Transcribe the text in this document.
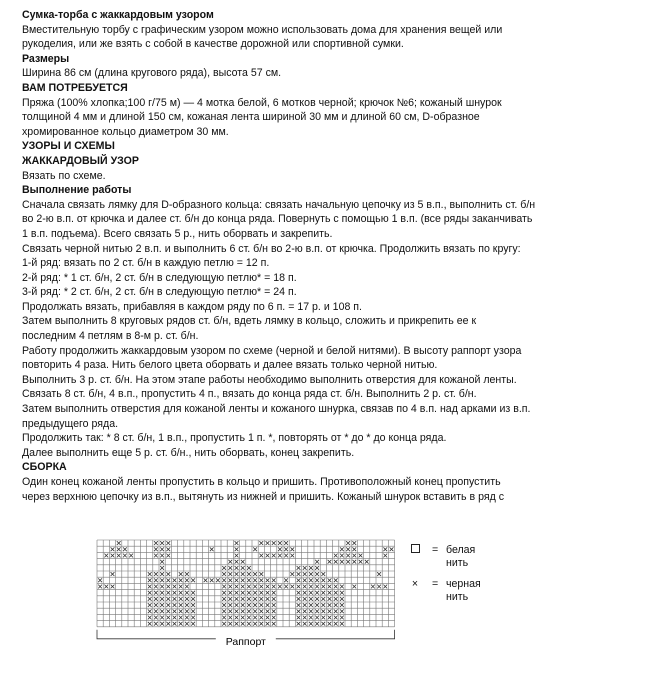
Сумка-торба с жаккардовым узором
Вместительную торбу с графическим узором можно использовать дома для хранения вещей или
рукоделия, или же взять с собой в качестве дорожной или спортивной сумки.
Размеры
Ширина 86 см (длина кругового ряда), высота 57 см.
ВАМ ПОТРЕБУЕТСЯ
Пряжа (100% хлопка;100 г/75 м) — 4 мотка белой, 6 мотков черной; крючок №6; кожаный шнурок
толщиной 4 мм и длиной 150 см, кожаная лента шириной 30 мм и длиной 60 см, D-образное
хромированное кольцо диаметром 30 мм.
УЗОРЫ И СХЕМЫ
ЖАККАРДОВЫЙ УЗОР
Вязать по схеме.
Выполнение работы
Сначала связать лямку для D-образного кольца: связать начальную цепочку из 5 в.п., выполнить ст. б/н
во 2-ю в.п. от крючка и далее ст. б/н до конца ряда. Повернуть с помощью 1 в.п. (все ряды заканчивать
1 в.п. подъема). Всего связать 5 р., нить оборвать и закрепить.
Связать черной нитью 2 в.п. и выполнить 6 ст. б/н во 2-ю в.п. от крючка. Продолжить вязать по кругу:
1-й ряд: вязать по 2 ст. б/н в каждую петлю = 12 п.
2-й ряд: * 1 ст. б/н, 2 ст. б/н в следующую петлю* = 18 п.
3-й ряд: * 2 ст. б/н, 2 ст. б/н в следующую петлю* = 24 п.
Продолжать вязать, прибавляя в каждом ряду по 6 п. = 17 р. и 108 п.
Затем выполнить 8 круговых рядов ст. б/н, вдеть лямку в кольцо, сложить и прикрепить ее к
последним 4 петлям в 8-м р. ст. б/н.
Работу продолжить жаккардовым узором по схеме (черной и белой нитями). В высоту раппорт узора
повторить 4 раза. Нить белого цвета оборвать и далее вязать только черной нитью.
Выполнить 3 р. ст. б/н. На этом этапе работы необходимо выполнить отверстия для кожаной ленты.
Связать 8 ст. б/н, 4 в.п., пропустить 4 п., вязать до конца ряда ст. б/н. Выполнить 2 р. ст. б/н.
Затем выполнить отверстия для кожаной ленты и кожаного шнурка, связав по 4 в.п. над арками из в.п.
предыдущего ряда.
Продолжить так: * 8 ст. б/н, 1 в.п., пропустить 1 п. *, повторять от * до * до конца ряда.
Далее выполнить еще 5 р. ст. б/н., нить оборвать, конец закрепить.
СБОРКА
Один конец кожаной ленты пропустить в кольцо и пришить. Противоположный конец пропустить
через верхнюю цепочку из в.п., вытянуть из нижней и пришить. Кожаный шнурок вставить в ряд с
Раппорт
= белая
нить
×	= черная
нить
